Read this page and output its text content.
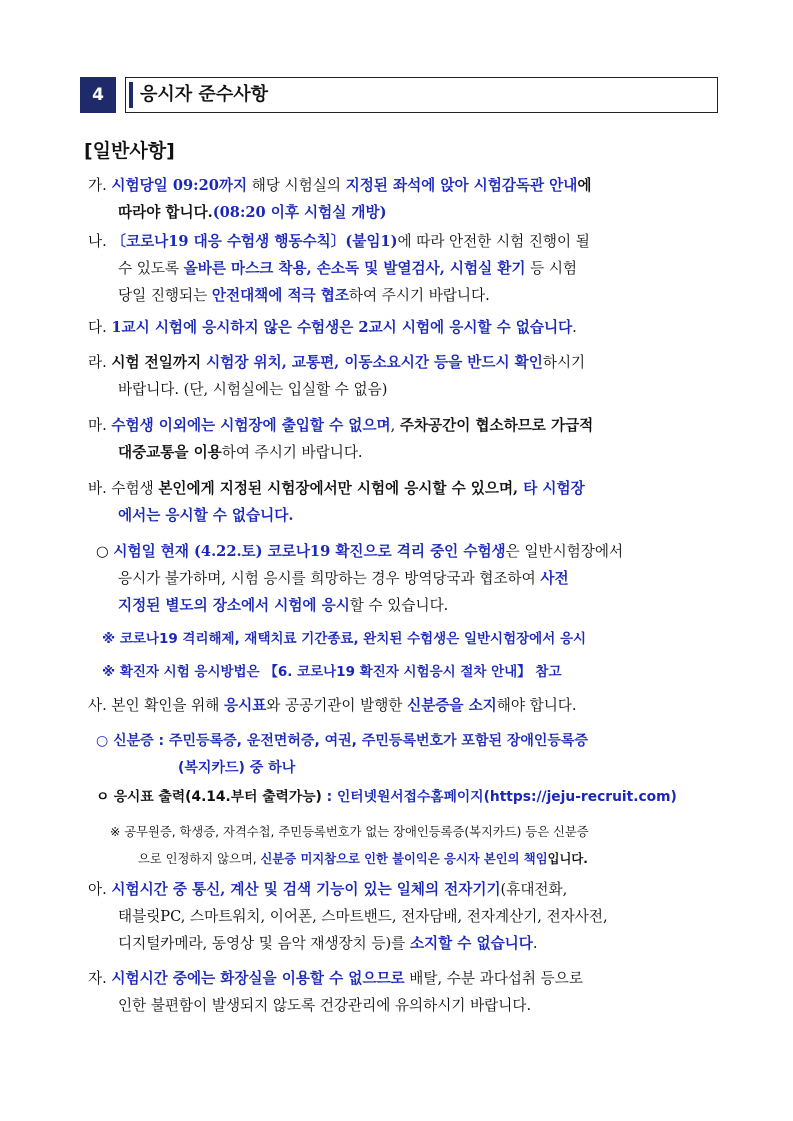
4	응시자 준수사항
[일반사항]
가. 시험당일 09:20까지 해당 시험실의 지정된 좌석에 앉아 시험감독관 안내에
따라야 합니다.(08:20 이후 시험실 개방)
나. 〔코로나19 대응 수험생 행동수칙〕(붙임1)에 따라 안전한 시험 진행이 될
수 있도록 올바른 마스크 착용, 손소독 및 발열검사, 시험실 환기 등 시험
당일 진행되는 안전대책에 적극 협조하여 주시기 바랍니다.
다. 1교시 시험에 응시하지 않은 수험생은 2교시 시험에 응시할 수 없습니다.
라. 시험 전일까지 시험장 위치, 교통편, 이동소요시간 등을 반드시 확인하시기
바랍니다. (단, 시험실에는 입실할 수 없음)
마. 수험생 이외에는 시험장에 출입할 수 없으며, 주차공간이 협소하므로 가급적
대중교통을 이용하여 주시기 바랍니다.
바. 수험생 본인에게 지정된 시험장에서만 시험에 응시할 수 있으며, 타 시험장
에서는 응시할 수 없습니다.
○ 시험일 현재 (4.22.토) 코로나19 확진으로 격리 중인 수험생은 일반시험장에서
응시가 불가하며, 시험 응시를 희망하는 경우 방역당국과 협조하여 사전
지정된 별도의 장소에서 시험에 응시할 수 있습니다.
※ 코로나19 격리해제, 재택치료 기간종료, 완치된 수험생은 일반시험장에서 응시
※ 확진자 시험 응시방법은 【6. 코로나19 확진자 시험응시 절차 안내】 참고
사. 본인 확인을 위해 응시표와 공공기관이 발행한 신분증을 소지해야 합니다.
○ 신분증 : 주민등록증, 운전면허증, 여권, 주민등록번호가 포함된 장애인등록증
(복지카드) 중 하나
ㅇ 응시표 출력(4.14.부터 출력가능) : 인터넷원서접수홈페이지(https://jeju-recruit.com)
※ 공무원증, 학생증, 자격수첩, 주민등록번호가 없는 장애인등록증(복지카드) 등은 신분증
으로 인정하지 않으며, 신분증 미지참으로 인한 불이익은 응시자 본인의 책임입니다.
아. 시험시간 중 통신, 계산 및 검색 기능이 있는 일체의 전자기기(휴대전화,
태블릿PC, 스마트워치, 이어폰, 스마트밴드, 전자담배, 전자계산기, 전자사전,
디지털카메라, 동영상 및 음악 재생장치 등)를 소지할 수 없습니다.
자. 시험시간 중에는 화장실을 이용할 수 없으므로 배탈, 수분 과다섭취 등으로
인한 불편함이 발생되지 않도록 건강관리에 유의하시기 바랍니다.
